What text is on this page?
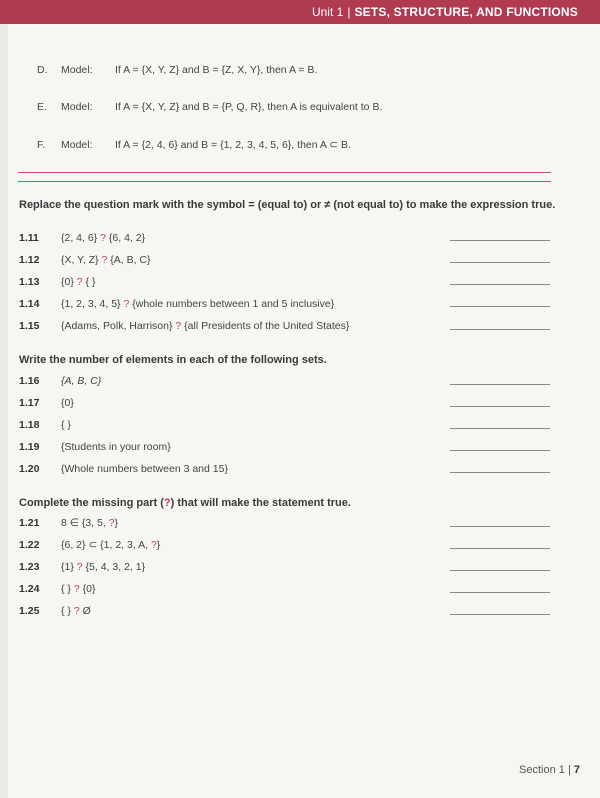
Unit 1 | SETS, STRUCTURE, AND FUNCTIONS
D. Model: If A = {X, Y, Z} and B = {Z, X, Y}, then A = B.
E. Model: If A = {X, Y, Z} and B = {P, Q, R}, then A is equivalent to B.
F. Model: If A = {2, 4, 6} and B = {1, 2, 3, 4, 5, 6}, then A ⊂ B.
Replace the question mark with the symbol = (equal to) or ≠ (not equal to) to make the expression true.
1.11 {2, 4, 6} ? {6, 4, 2}
1.12 {X, Y, Z} ? {A, B, C}
1.13 {0} ? { }
1.14 {1, 2, 3, 4, 5} ? {whole numbers between 1 and 5 inclusive}
1.15 {Adams, Polk, Harrison} ? {all Presidents of the United States}
Write the number of elements in each of the following sets.
1.16 {A, B, C}
1.17 {0}
1.18 { }
1.19 {Students in your room}
1.20 {Whole numbers between 3 and 15}
Complete the missing part (?) that will make the statement true.
1.21 8 ∈ {3, 5, ?}
1.22 {6, 2} ⊂ {1, 2, 3, A, ?}
1.23 {1} ? {5, 4, 3, 2, 1}
1.24 { } ? {0}
1.25 { } ? Ø
Section 1 | 7
